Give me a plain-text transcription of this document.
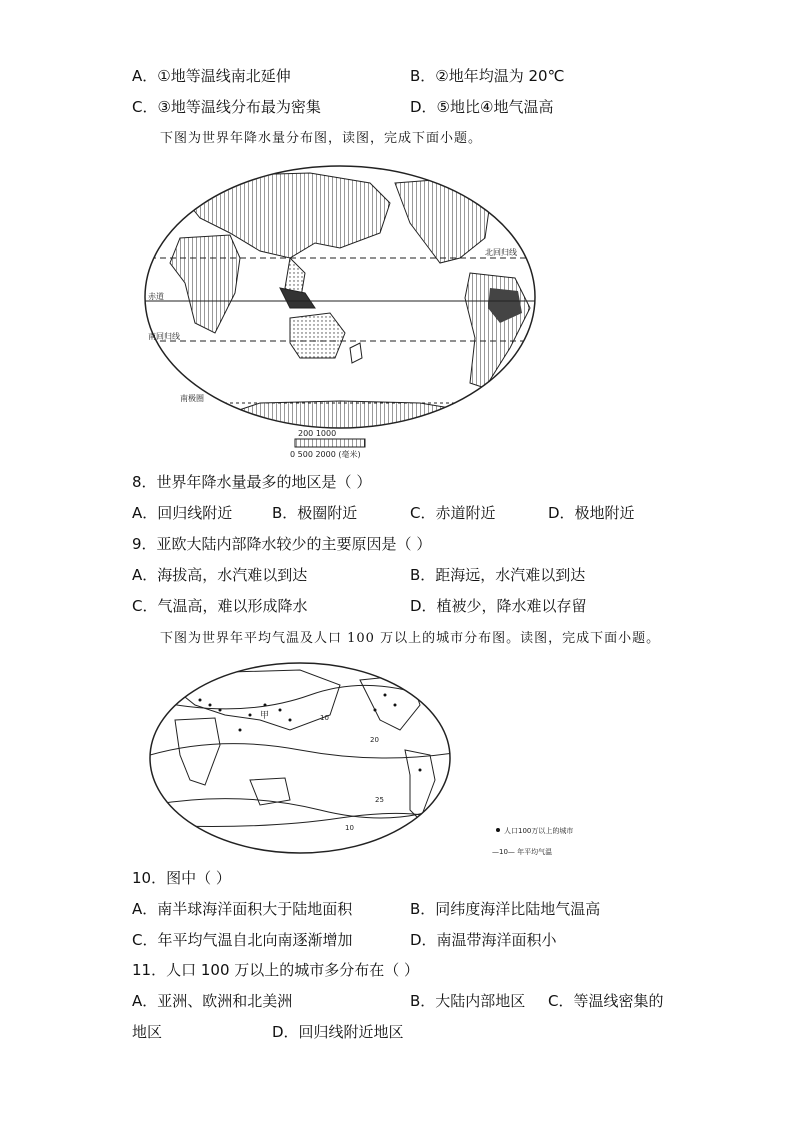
A．①地等温线南北延伸	B．②地年均温为 20℃
C．③地等温线分布最为密集	D．⑤地比④地气温高
下图为世界年降水量分布图，读图，完成下面小题。
北回归线
赤道
南回归线
南极圈
200 1000
0 500 2000 (毫米)
8．世界年降水量最多的地区是（ ）
A．回归线附近	B．极圈附近	C．赤道附近	D．极地附近
9．亚欧大陆内部降水较少的主要原因是（ ）
A．海拔高，水汽难以到达	B．距海远，水汽难以到达
C．气温高，难以形成降水	D．植被少，降水难以存留
下图为世界年平均气温及人口 100 万以上的城市分布图。读图，完成下面小题。
甲	10
20
25
10	人口100万以上的城市
—10— 年平均气温
10．图中（ ）
A．南半球海洋面积大于陆地面积	B．同纬度海洋比陆地气温高
C．年平均气温自北向南逐渐增加	D．南温带海洋面积小
11．人口 100 万以上的城市多分布在（ ）
A．亚洲、欧洲和北美洲	B．大陆内部地区 C．等温线密集的
地区	D．回归线附近地区
